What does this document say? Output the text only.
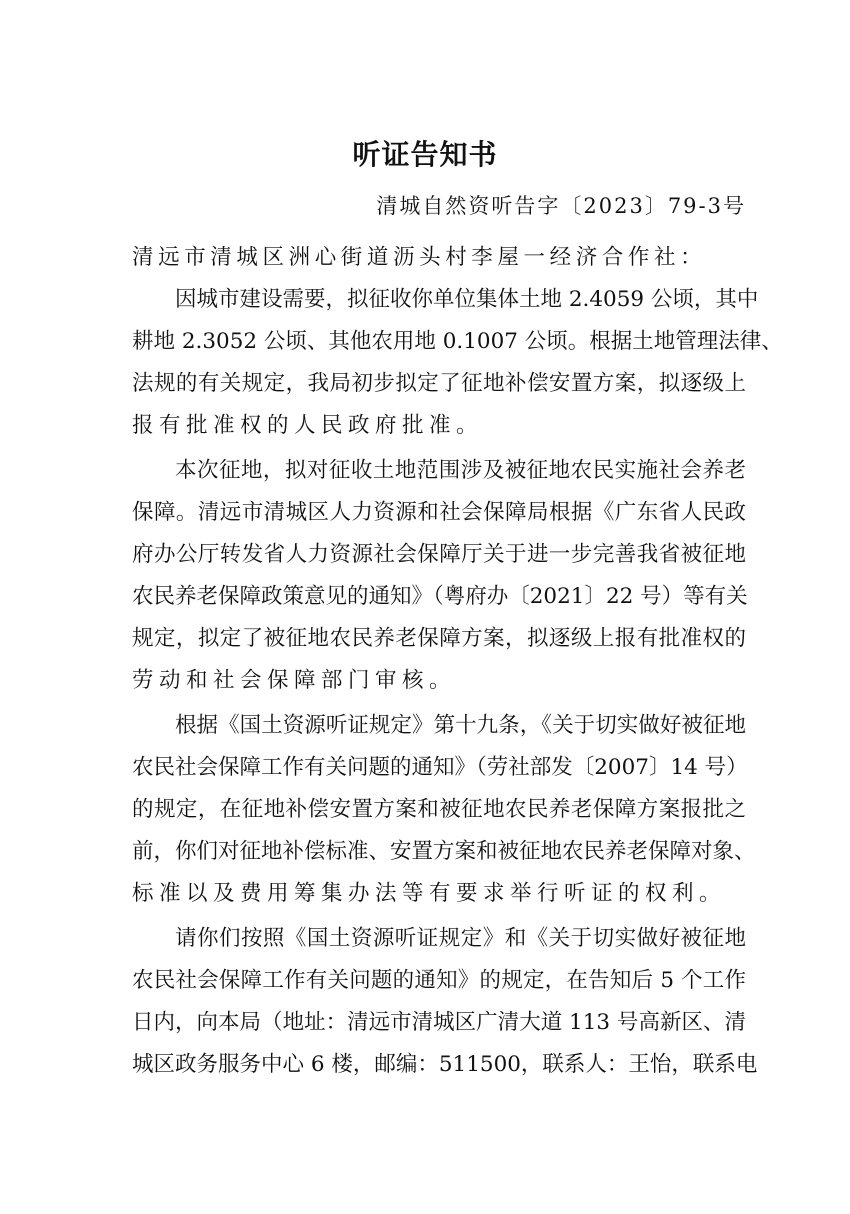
听证告知书
清城自然资听告字〔2023〕79-3号
清远市清城区洲心街道沥头村李屋一经济合作社：
因城市建设需要，拟征收你单位集体土地 2.4059 公顷，其中
耕地 2.3052 公顷、其他农用地 0.1007 公顷。根据土地管理法律、
法规的有关规定，我局初步拟定了征地补偿安置方案，拟逐级上
报有批准权的人民政府批准。
本次征地，拟对征收土地范围涉及被征地农民实施社会养老
保障。清远市清城区人力资源和社会保障局根据《广东省人民政
府办公厅转发省人力资源社会保障厅关于进一步完善我省被征地
农民养老保障政策意见的通知》（粤府办〔2021〕22 号）等有关
规定，拟定了被征地农民养老保障方案，拟逐级上报有批准权的
劳动和社会保障部门审核。
根据《国土资源听证规定》第十九条，《关于切实做好被征地
农民社会保障工作有关问题的通知》（劳社部发〔2007〕14 号）
的规定，在征地补偿安置方案和被征地农民养老保障方案报批之
前，你们对征地补偿标准、安置方案和被征地农民养老保障对象、
标准以及费用筹集办法等有要求举行听证的权利。
请你们按照《国土资源听证规定》和《关于切实做好被征地
农民社会保障工作有关问题的通知》的规定，在告知后 5 个工作
日内，向本局（地址：清远市清城区广清大道 113 号高新区、清
城区政务服务中心 6 楼，邮编：511500，联系人：王怡，联系电
